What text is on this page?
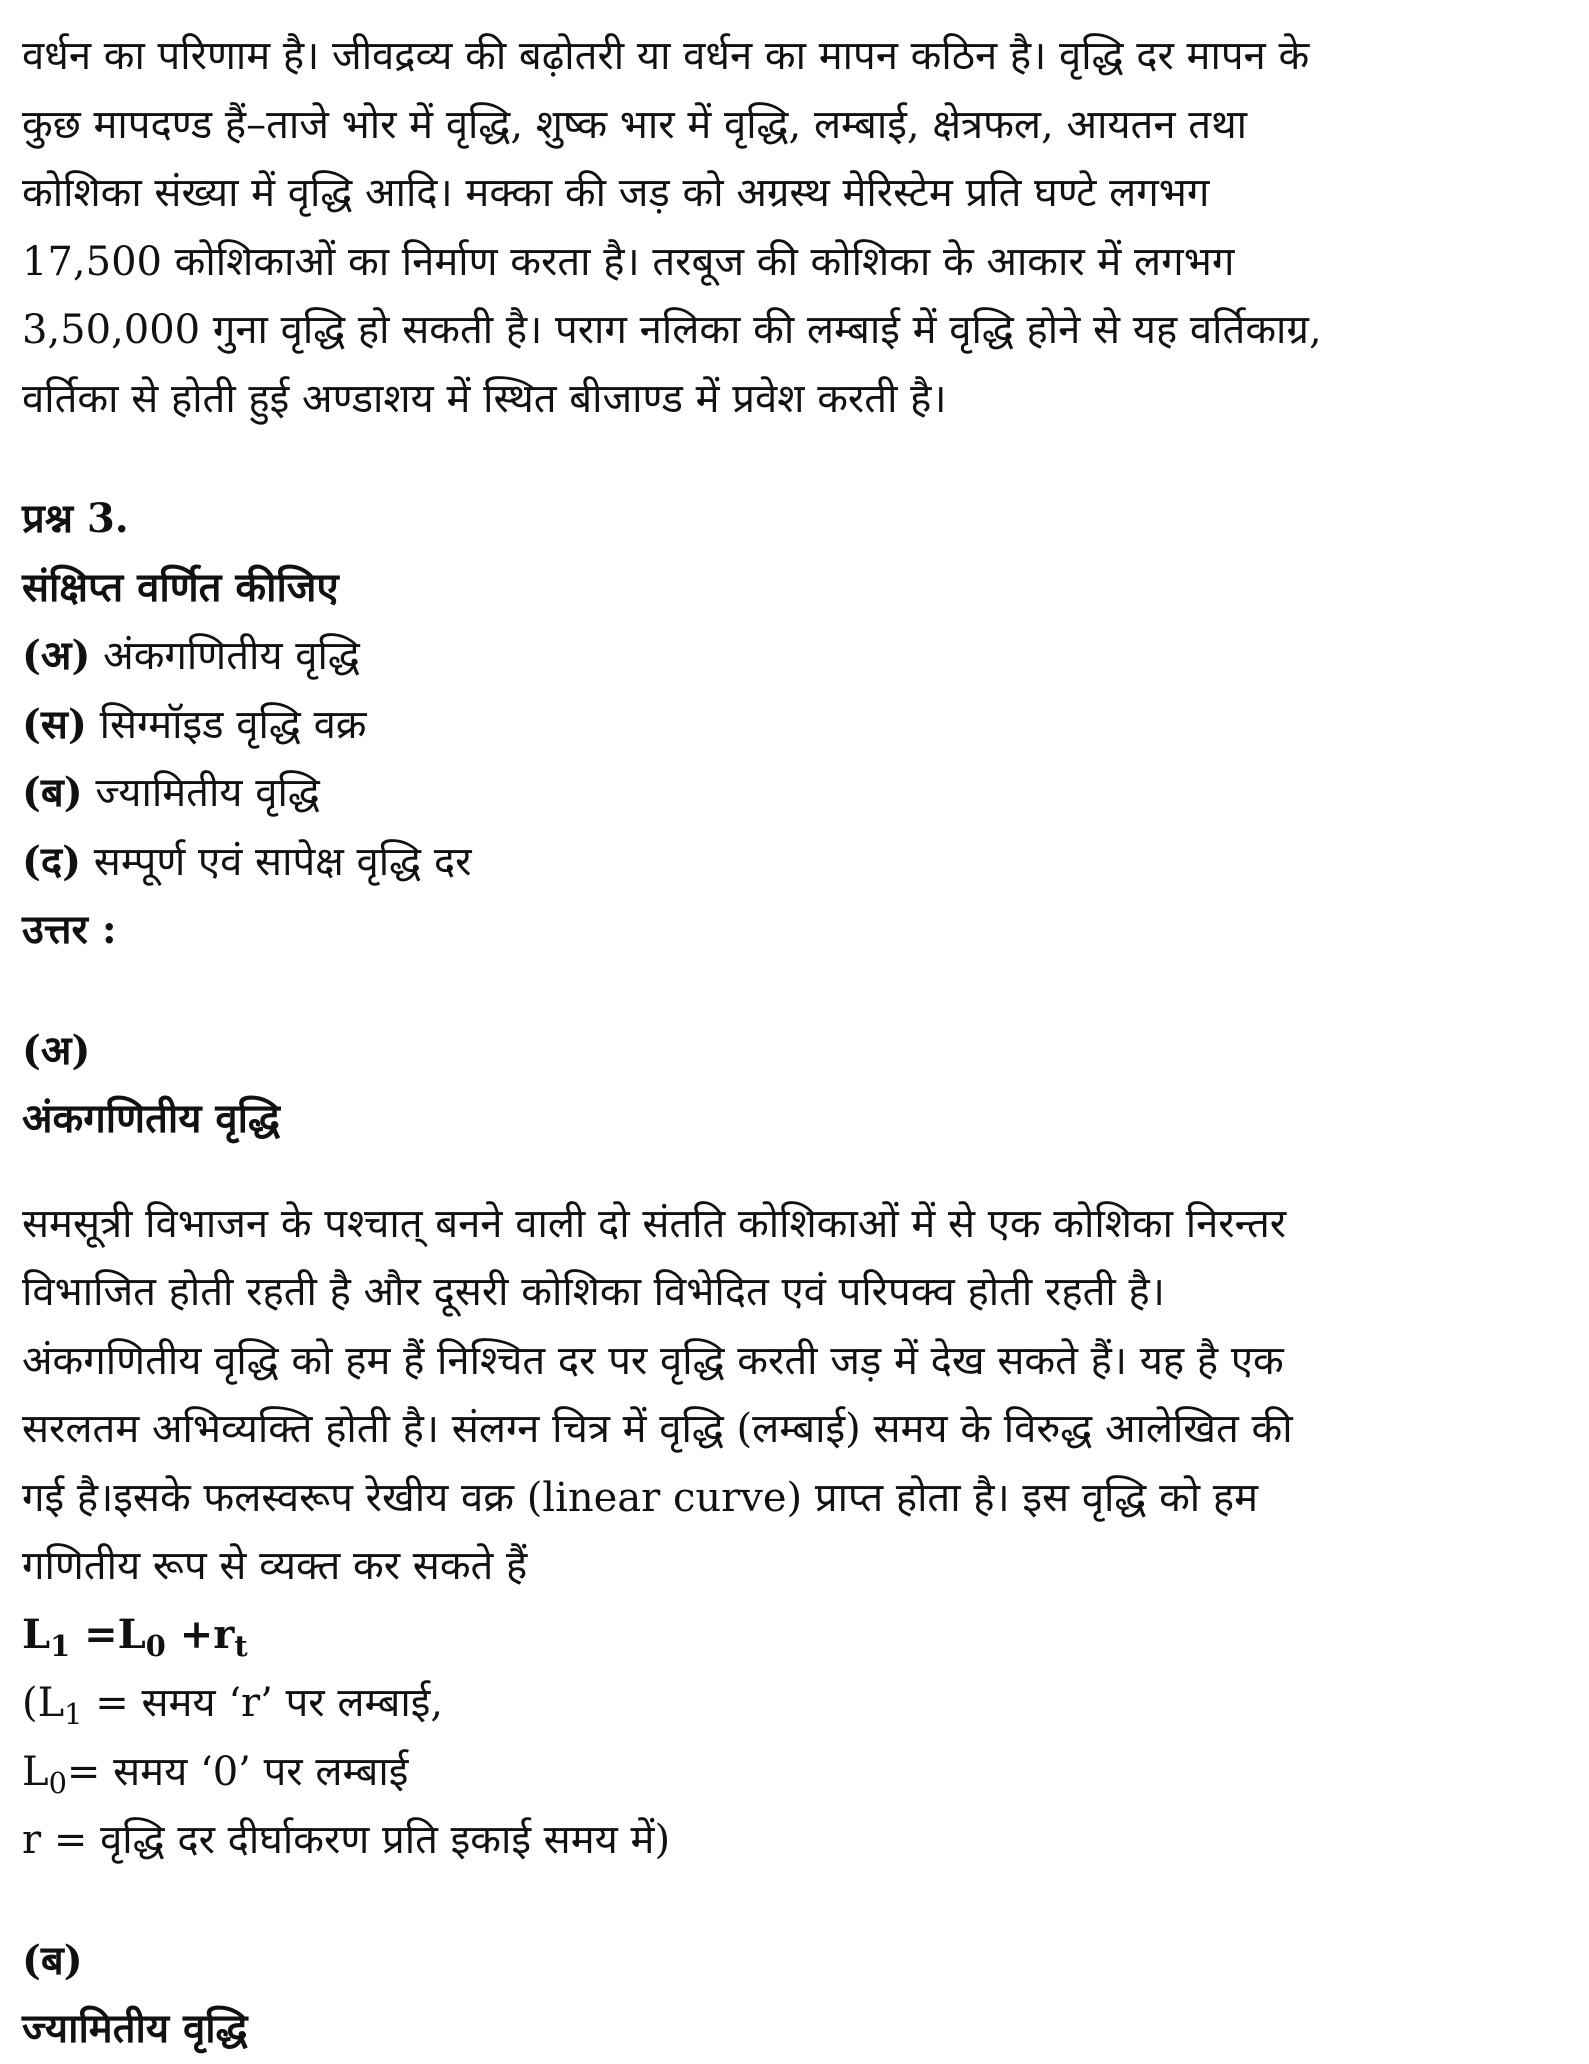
वर्धन का परिणाम है। जीवद्रव्य की बढ़ोतरी या वर्धन का मापन कठिन है। वृद्धि दर मापन के
कुछ मापदण्ड हैं–ताजे भोर में वृद्धि, शुष्क भार में वृद्धि, लम्बाई, क्षेत्रफल, आयतन तथा
कोशिका संख्या में वृद्धि आदि। मक्का की जड़ को अग्रस्थ मेरिस्टेम प्रति घण्टे लगभग
17,500 कोशिकाओं का निर्माण करता है। तरबूज की कोशिका के आकार में लगभग
3,50,000 गुना वृद्धि हो सकती है। पराग नलिका की लम्बाई में वृद्धि होने से यह वर्तिकाग्र,
वर्तिका से होती हुई अण्डाशय में स्थित बीजाण्ड में प्रवेश करती है।
प्रश्न 3.
संक्षिप्त वर्णित कीजिए
(अ) अंकगणितीय वृद्धि
(स) सिग्मॉइड वृद्धि वक्र
(ब) ज्यामितीय वृद्धि
(द) सम्पूर्ण एवं सापेक्ष वृद्धि दर
उत्तर :
(अ)
अंकगणितीय वृद्धि
समसूत्री विभाजन के पश्चात् बनने वाली दो संतति कोशिकाओं में से एक कोशिका निरन्तर
विभाजित होती रहती है और दूसरी कोशिका विभेदित एवं परिपक्व होती रहती है।
अंकगणितीय वृद्धि को हम हैं निश्चित दर पर वृद्धि करती जड़ में देख सकते हैं। यह है एक
सरलतम अभिव्यक्ति होती है। संलग्न चित्र में वृद्धि (लम्बाई) समय के विरुद्ध आलेखित की
गई है।इसके फलस्वरूप रेखीय वक्र (linear curve) प्राप्त होता है। इस वृद्धि को हम
गणितीय रूप से व्यक्त कर सकते हैं
$L_1 =L_0 +r_t$
($L_1$ = समय ‘r’ पर लम्बाई,
$L_0=$ समय ‘0’ पर लम्बाई
r = वृद्धि दर दीर्घाकरण प्रति इकाई समय में)
(ब)
ज्यामितीय वृद्धि
